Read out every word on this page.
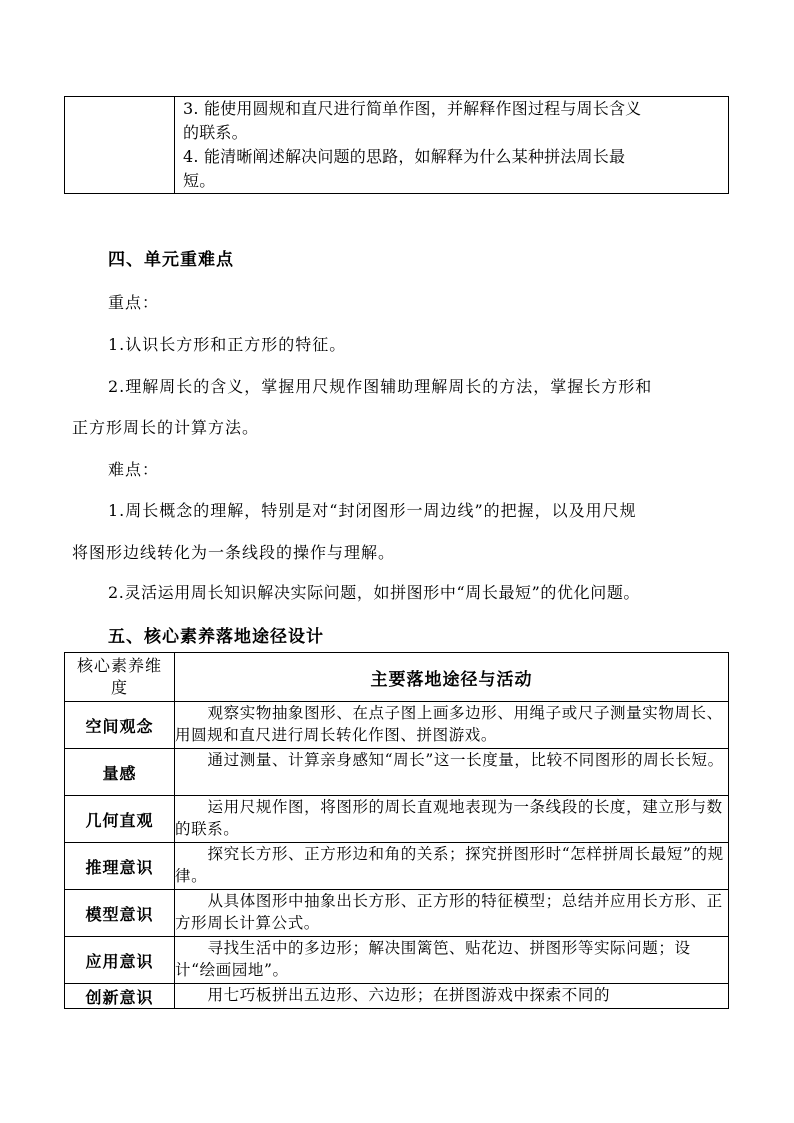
3. 能使用圆规和直尺进行简单作图，并解释作图过程与周长含义
的联系。
4. 能清晰阐述解决问题的思路，如解释为什么某种拼法周长最
短。
四、单元重难点
重点：
1.认识长方形和正方形的特征。
2.理解周长的含义，掌握用尺规作图辅助理解周长的方法，掌握长方形和
正方形周长的计算方法。
难点：
1.周长概念的理解，特别是对“封闭图形一周边线”的把握，以及用尺规
将图形边线转化为一条线段的操作与理解。
2.灵活运用周长知识解决实际问题，如拼图形中“周长最短”的优化问题。
五、核心素养落地途径设计
核心素养维度	主要落地途径与活动
空间观念	观察实物抽象图形、在点子图上画多边形、用绳子或尺子测量实物周长、用圆规和直尺进行周长转化作图、拼图游戏。
量感	通过测量、计算亲身感知“周长”这一长度量，比较不同图形的周长长短。
几何直观	运用尺规作图，将图形的周长直观地表现为一条线段的长度，建立形与数的联系。
推理意识	探究长方形、正方形边和角的关系；探究拼图形时“怎样拼周长最短”的规律。
模型意识	从具体图形中抽象出长方形、正方形的特征模型；总结并应用长方形、正方形周长计算公式。
应用意识	寻找生活中的多边形；解决围篱笆、贴花边、拼图形等实际问题；设计“绘画园地”。
创新意识	用七巧板拼出五边形、六边形；在拼图游戏中探索不同的
